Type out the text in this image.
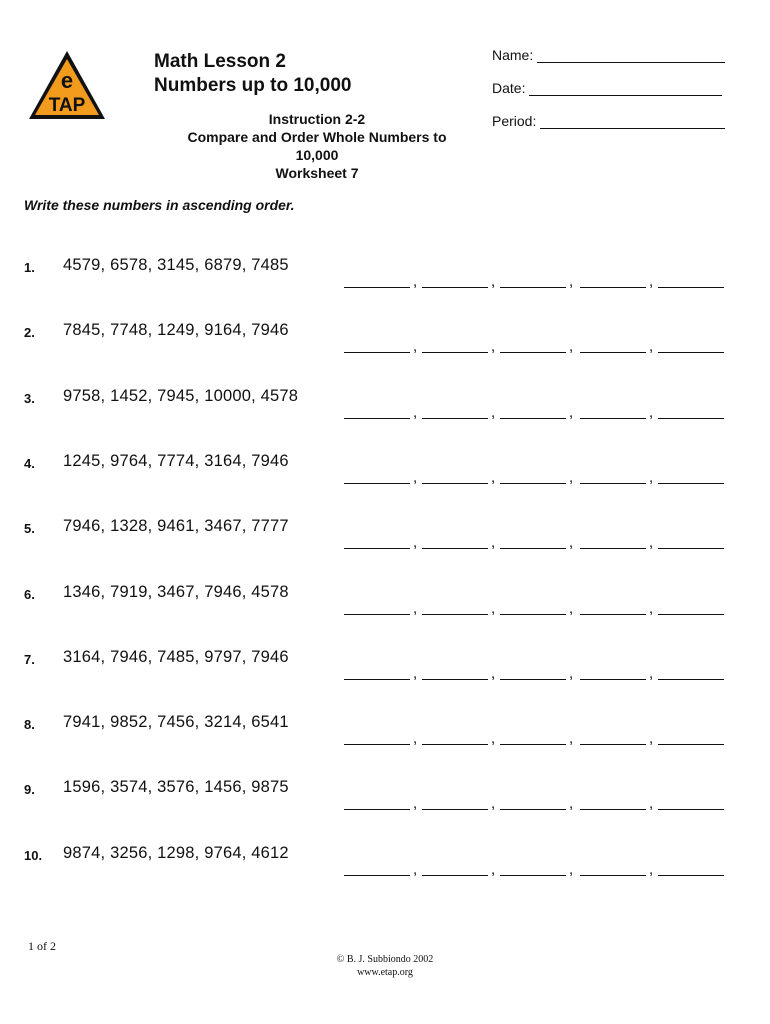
e
TAP
Math Lesson 2
Numbers up to 10,000
Name:
Date:
Period:
Instruction 2-2
Compare and Order Whole Numbers to
10,000
Worksheet 7
Write these numbers in ascending order.
1.	4579, 6578, 3145, 6879, 7485
,	,	,	,
2.	7845, 7748, 1249, 9164, 7946
,	,	,	,
3.	9758, 1452, 7945, 10000, 4578
,	,	,	,
4.	1245, 9764, 7774, 3164, 7946
,	,	,	,
5.	7946, 1328, 9461, 3467, 7777
,	,	,	,
6.	1346, 7919, 3467, 7946, 4578
,	,	,	,
7.	3164, 7946, 7485, 9797, 7946
,	,	,	,
8.	7941, 9852, 7456, 3214, 6541
,	,	,	,
9.	1596, 3574, 3576, 1456, 9875
,	,	,	,
10.	9874, 3256, 1298, 9764, 4612
,	,	,	,
1 of 2
© B. J. Subbiondo 2002
www.etap.org
